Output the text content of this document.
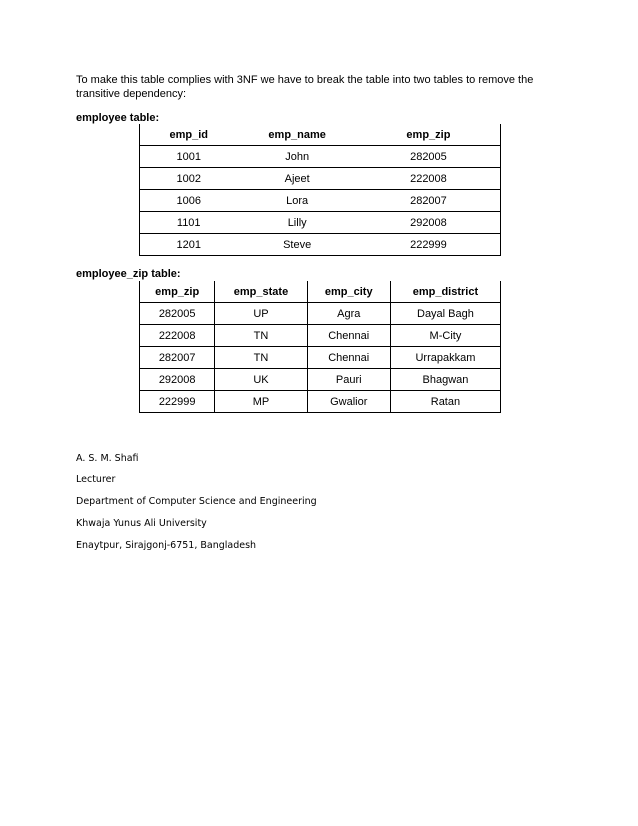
To make this table complies with 3NF we have to break the table into two tables to remove the transitive dependency:

employee table:

emp_id	emp_name	emp_zip
1001	John	282005
1002	Ajeet	222008
1006	Lora	282007
1101	Lilly	292008
1201	Steve	222999

employee_zip table:

emp_zip	emp_state	emp_city	emp_district
282005	UP	Agra	Dayal Bagh
222008	TN	Chennai	M-City
282007	TN	Chennai	Urrapakkam
292008	UK	Pauri	Bhagwan
222999	MP	Gwalior	Ratan

A. S. M. Shafi

Lecturer

Department of Computer Science and Engineering

Khwaja Yunus Ali University

Enaytpur, Sirajgonj-6751, Bangladesh
